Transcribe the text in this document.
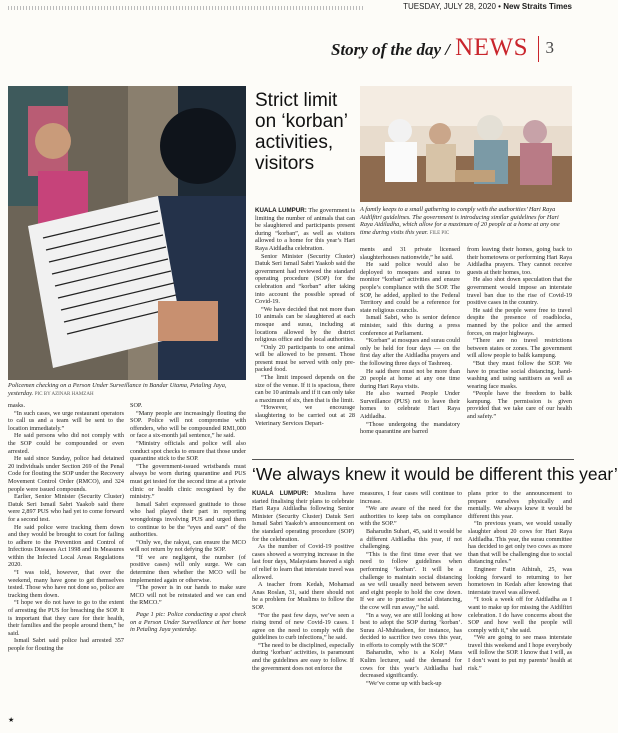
TUESDAY, JULY 28, 2020 • New Straits Times
Story of the day / NEWS 3
Policemen checking on a Person Under Surveillance in Bandar Utama, Petaling Jaya, yesterday. PIC BY AZINAR HAMZAH
Strict limit on ‘korban’ activities, visitors

KUALA LUMPUR: The government is limiting the number of animals that can be slaughtered and participants present during “korban”, as well as visitors allowed to a home for this year’s Hari Raya Aidiladha celebration.

Senior Minister (Security Cluster) Datuk Seri Ismail Sabri Yaakob said the government had reviewed the standard operating procedure (SOP) for the celebration and “korban” after taking into account the possible spread of Covid-19.

“We have decided that not more than 10 animals can be slaughtered at each mosque and surau, including at locations allowed by the district religious office and the local authorities.

“Only 20 participants to one animal will be allowed to be present. Those present must be served with only pre-packed food.

“The limit imposed depends on the size of the venue. If it is spacious, there can be 10 animals and if it can only take a maximum of six, then that is the limit.

“However, we encourage slaughtering to be carried out at 28 Veterinary Services Depart-

A family keeps to a small gathering to comply with the authorities’ Hari Raya Aidilfitri guidelines. The government is introducing similar guidelines for Hari Raya Aidiladha, which allow for a maximum of 20 people at a home at any one time during visits this year. FILE PIC

ments and 31 private licensed slaughterhouses nationwide,” he said.

He said police would also be deployed to mosques and surau to monitor “korban” activities and ensure people’s compliance with the SOP. The SOP, he added, applied to the Federal Territory and could be a reference for state religious councils.

Ismail Sabri, who is senior defence minister, said this during a press conference at Parliament.

“Korban” at mosques and surau could only be held for four days — on the first day after the Aidiladha prayers and the following three days of Tashreeq.

He said there must not be more than 20 people at home at any one time during Hari Raya visits.

He also warned People Under Surveillance (PUS) not to leave their homes to celebrate Hari Raya Aidiladha.

“Those undergoing the mandatory home quarantine are barred

from leaving their homes, going back to their hometowns or performing Hari Raya Aidiladha prayers. They cannot receive guests at their homes, too.

He also shot down speculation that the government would impose an interstate travel ban due to the rise of Covid-19 positive cases in the country.

He said the people were free to travel despite the presence of roadblocks, manned by the police and the armed forces, on major highways.

“There are no travel restrictions between states or zones. The government will allow people to balik kampung.

“But they must follow the SOP. We have to practise social distancing, hand-washing and using sanitisers as well as wearing face masks.

“People have the freedom to balik kampung. The permission is given provided that we take care of our health and safety.”

masks.

“In such cases, we urge restaurant operators to call us and a team will be sent to the location immediately.”

He said persons who did not comply with the SOP could be compounded or even arrested.

He said since Sunday, police had detained 20 individuals under Section 269 of the Penal Code for flouting the SOP under the Recovery Movement Control Order (RMCO), and 324 people were issued compounds.

Earlier, Senior Minister (Security Cluster) Datuk Seri Ismail Sabri Yaakob said there were 2,897 PUS who had yet to come forward for a second test.

He said police were tracking them down and they would be brought to court for failing to adhere to the Prevention and Control of Infectious Diseases Act 1998 and its Measures within the Infected Local Areas Regulations 2020.

“I was told, however, that over the weekend, many have gone to get themselves tested. Those who have not done so, police are tracking them down.

“I hope we do not have to go to the extent of arresting the PUS for breaching the SOP. It is important that they care for their health, their families and the people around them,” he said.

Ismail Sabri said police had arrested 357 people for flouting the

SOP.

“Many people are increasingly flouting the SOP. Police will not compromise with offenders, who will be compounded RM1,000 or face a six-month jail sentence,” he said.

“Ministry officials and police will also conduct spot checks to ensure that those under quarantine stick to the SOP.

“The government-issued wristbands must always be worn during quarantine and PUS must get tested for the second time at a private clinic or health clinic recognised by the ministry.”

Ismail Sabri expressed gratitude to those who had played their part in reporting wrongdoings involving PUS and urged them to continue to be the “eyes and ears” of the authorities.

“Only we, the rakyat, can ensure the MCO will not return by not defying the SOP.

“If we are negligent, the number (of positive cases) will only surge. We can determine then whether the MCO will be implemented again or otherwise.

“The power is in our hands to make sure MCO will not be reinstated and we can end the RMCO.”

Page 1 pic: Police conducting a spot check on a Person Under Surveillance at her home in Petaling Jaya yesterday.

‘We always knew it would be different this year’

KUALA LUMPUR: Muslims have started finalising their plans to celebrate Hari Raya Aidiladha following Senior Minister (Security Cluster) Datuk Seri Ismail Sabri Yaakob’s announcement on the standard operating procedure (SOP) for the celebration.

As the number of Covid-19 positive cases showed a worrying increase in the last four days, Malaysians heaved a sigh of relief to learn that interstate travel was allowed.

A teacher from Kedah, Mohamad Anas Roslan, 31, said there should not be a problem for Muslims to follow the SOP.

“For the past few days, we’ve seen a rising trend of new Covid-19 cases. I agree on the need to comply with the guidelines to curb infections,” he said.

“The need to be disciplined, especially during ‘korban’ activities, is paramount and the guidelines are easy to follow. If the government does not enforce the

measures, I fear cases will continue to increase.

“We are aware of the need for the authorities to keep tabs on compliance with the SOP.”

Baharudin Suhari, 45, said it would be a different Aidiladha this year, if not challenging.

“This is the first time ever that we need to follow guidelines when performing ‘korban’. It will be a challenge to maintain social distancing as we will usually need between seven and eight people to hold the cow down. If we are to practise social distancing, the cow will run away,” he said.

“In a way, we are still looking at how best to adopt the SOP during ‘korban’. Surau Al-Muhtadeen, for instance, has decided to sacrifice two cows this year, in efforts to comply with the SOP.”

Baharudin, who is a Kolej Mara Kulim lecturer, said the demand for cows for this year’s Aidiladha had decreased significantly.

“We’ve come up with back-up

plans prior to the announcement to prepare ourselves physically and mentally. We always knew it would be different this year.

“In previous years, we would usually slaughter about 20 cows for Hari Raya Aidiladha. This year, the surau committee has decided to get only two cows as more than that will be challenging due to social distancing rules.”

Engineer Fatin Athirah, 25, was looking forward to returning to her hometown in Kedah after knowing that interstate travel was allowed.

“I took a week off for Aidiladha as I want to make up for missing the Aidilfitri celebration. I do have concerns about the SOP and how well the people will comply with it,” she said.

“We are going to see mass interstate travel this weekend and I hope everybody will follow the SOP. I know that I will, as I don’t want to put my parents’ health at risk.”

★
